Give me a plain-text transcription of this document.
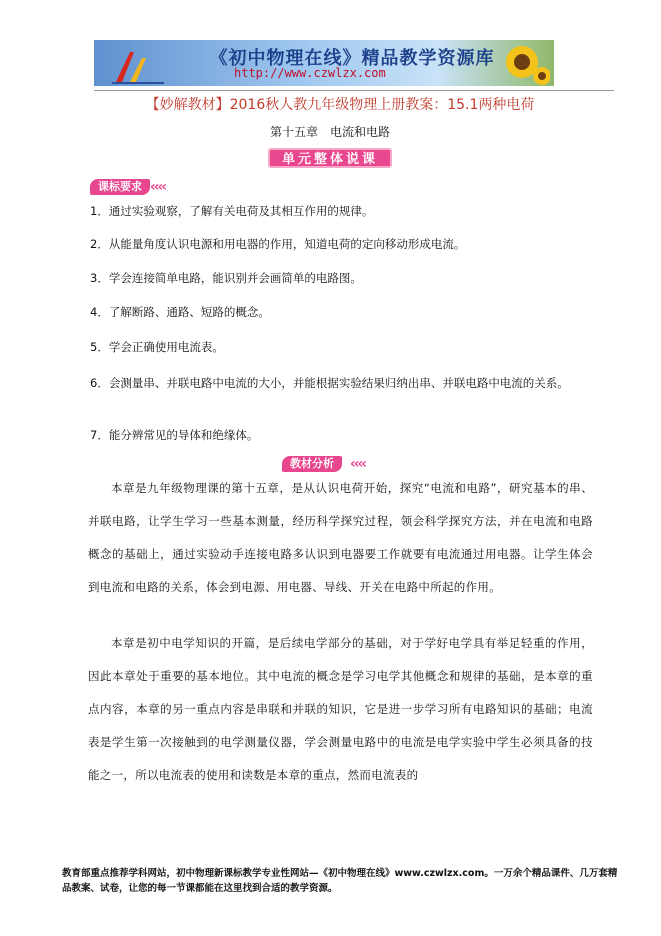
《初中物理在线》精品教学资源库
http://www.czwlzx.com
【妙解教材】2016秋人教九年级物理上册教案：15.1两种电荷
第十五章　电流和电路
单元整体说课
课标要求 ‹‹‹‹
1．通过实验观察，了解有关电荷及其相互作用的规律。
2．从能量角度认识电源和用电器的作用，知道电荷的定向移动形成电流。
3．学会连接简单电路，能识别并会画简单的电路图。
4．了解断路、通路、短路的概念。
5．学会正确使用电流表。
6．会测量串、并联电路中电流的大小，并能根据实验结果归纳出串、并联电路中电流的关系。
7．能分辨常见的导体和绝缘体。
教材分析	‹‹‹‹
本章是九年级物理课的第十五章，是从认识电荷开始，探究“电流和电路”，研究基本的串、并联电路，让学生学习一些基本测量，经历科学探究过程，领会科学探究方法，并在电流和电路概念的基础上，通过实验动手连接电路多认识到电器要工作就要有电流通过用电器。让学生体会到电流和电路的关系，体会到电源、用电器、导线、开关在电路中所起的作用。
本章是初中电学知识的开篇，是后续电学部分的基础，对于学好电学具有举足轻重的作用，因此本章处于重要的基本地位。其中电流的概念是学习电学其他概念和规律的基础，是本章的重点内容，本章的另一重点内容是串联和并联的知识，它是进一步学习所有电路知识的基础；电流表是学生第一次接触到的电学测量仪器，学会测量电路中的电流是电学实验中学生必须具备的技能之一，所以电流表的使用和读数是本章的重点，然而电流表的
教育部重点推荐学科网站，初中物理新课标教学专业性网站—《初中物理在线》www.czwlzx.com。一万余个精品课件、几万套精品教案、试卷，让您的每一节课都能在这里找到合适的教学资源。
